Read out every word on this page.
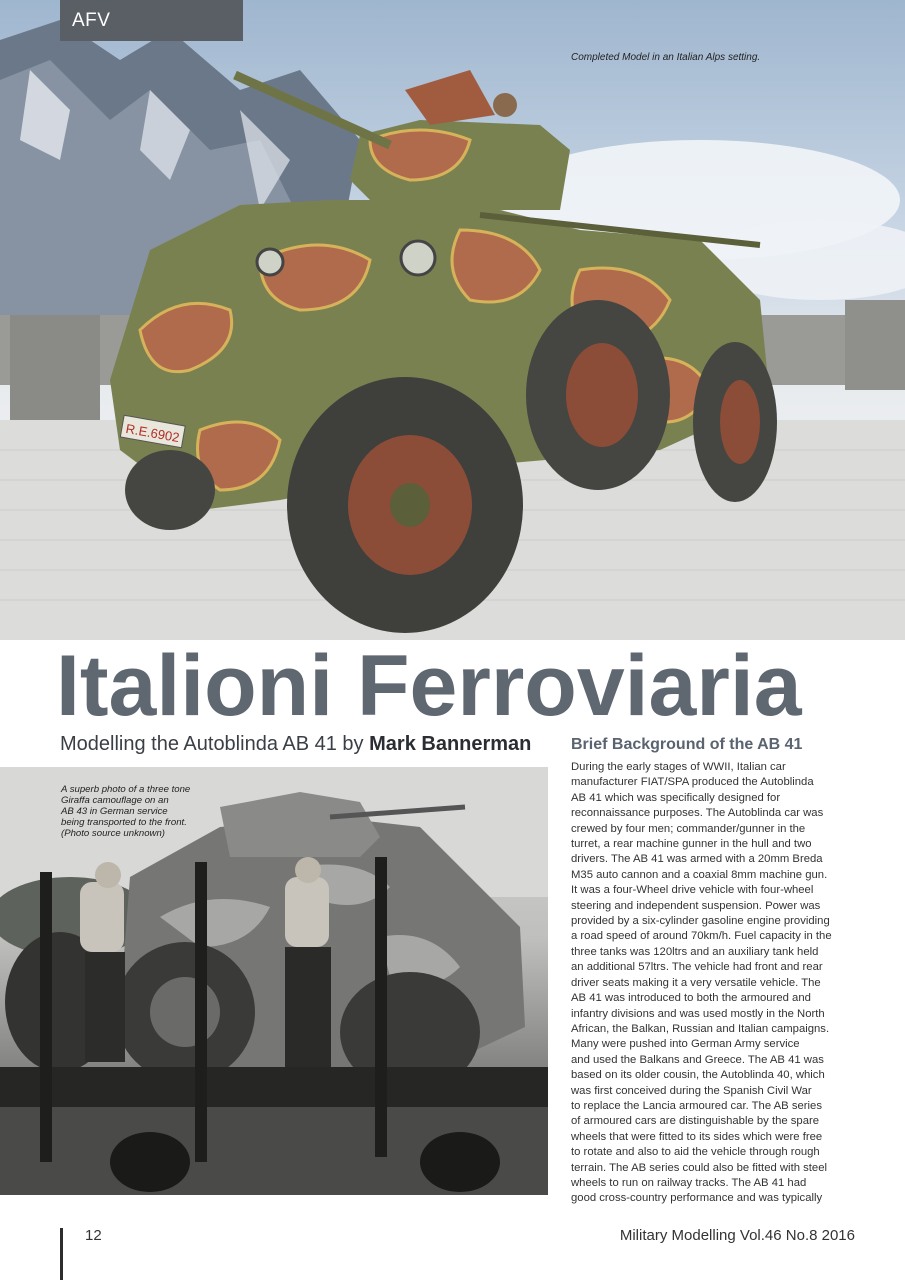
R.E.6902
AFV
Completed Model in an Italian Alps setting.
Italioni Ferroviaria
Modelling the Autoblinda AB 41 by Mark Bannerman
A superb photo of a three tone
Giraffa camouflage on an
AB 43 in German service
being transported to the front.
(Photo source unknown)
Brief Background of the AB 41
During the early stages of WWII, Italian car
manufacturer FIAT/SPA produced the Autoblinda
AB 41 which was specifically designed for
reconnaissance purposes. The Autoblinda car was
crewed by four men; commander/gunner in the
turret, a rear machine gunner in the hull and two
drivers. The AB 41 was armed with a 20mm Breda
M35 auto cannon and a coaxial 8mm machine gun.
It was a four-Wheel drive vehicle with four-wheel
steering and independent suspension. Power was
provided by a six-cylinder gasoline engine providing
a road speed of around 70km/h. Fuel capacity in the
three tanks was 120ltrs and an auxiliary tank held
an additional 57ltrs. The vehicle had front and rear
driver seats making it a very versatile vehicle. The
AB 41 was introduced to both the armoured and
infantry divisions and was used mostly in the North
African, the Balkan, Russian and Italian campaigns.
Many were pushed into German Army service
and used the Balkans and Greece. The AB 41 was
based on its older cousin, the Autoblinda 40, which
was first conceived during the Spanish Civil War
to replace the Lancia armoured car. The AB series
of armoured cars are distinguishable by the spare
wheels that were fitted to its sides which were free
to rotate and also to aid the vehicle through rough
terrain. The AB series could also be fitted with steel
wheels to run on railway tracks. The AB 41 had
good cross-country performance and was typically
12	Military Modelling Vol.46 No.8 2016
